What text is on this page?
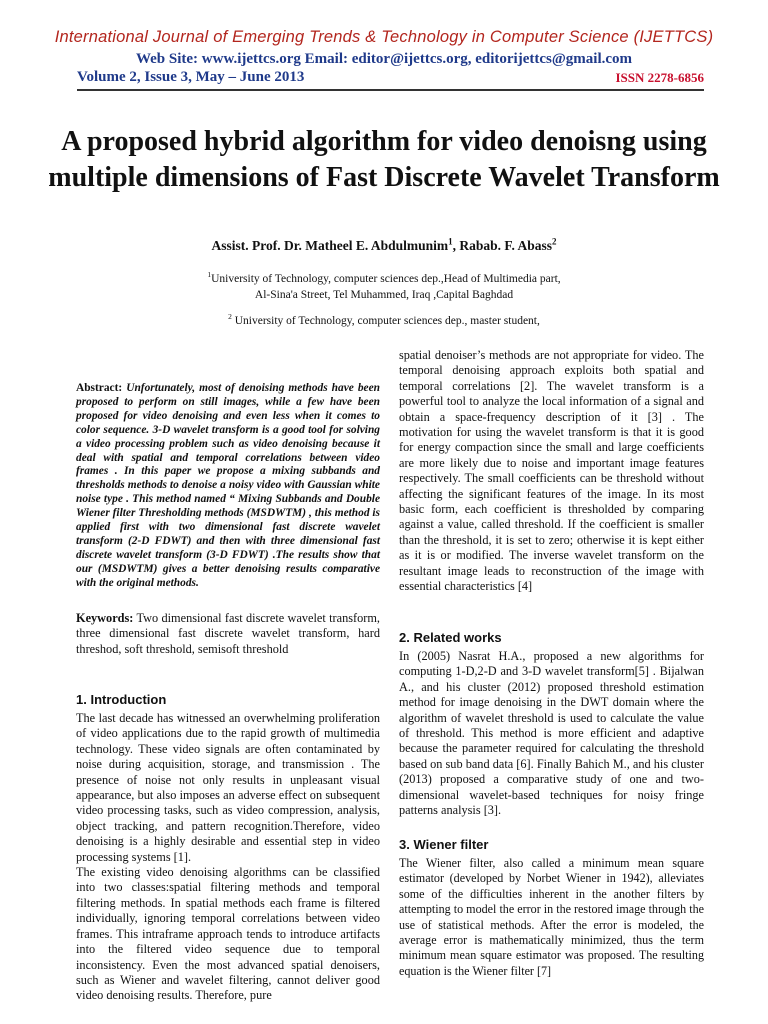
International Journal of Emerging Trends & Technology in Computer Science (IJETTCS)
Web Site: www.ijettcs.org Email: editor@ijettcs.org, editorijettcs@gmail.com
Volume 2, Issue 3, May – June 2013	ISSN 2278-6856
A proposed hybrid algorithm for video denoisng using multiple dimensions of Fast Discrete Wavelet Transform
Assist. Prof. Dr. Matheel E. Abdulmunim$^1$, Rabab. F. Abass$^2$
$^1$University of Technology, computer sciences dep.,Head of Multimedia part,
Al-Sina'a Street, Tel Muhammed, Iraq ,Capital Baghdad
$^2$ University of Technology, computer sciences dep., master student,

Abstract: Unfortunately, most of denoising methods have been proposed to perform on still images, while a few have been proposed for video denoising and even less when it comes to color sequence. 3-D wavelet transform is a good tool for solving a video processing problem such as video denoising because it deal with spatial and temporal correlations between video frames . In this paper we propose a mixing subbands and thresholds methods to denoise a noisy video with Gaussian white noise type . This method named “ Mixing Subbands and Double Wiener filter Thresholding methods (MSDWTM) , this method is applied first with two dimensional fast discrete wavelet transform (2-D FDWT) and then with three dimensional fast discrete wavelet transform (3-D FDWT) .The results show that our (MSDWTM) gives a better denoising results comparative with the original methods.

Keywords: Two dimensional fast discrete wavelet transform, three dimensional fast discrete wavelet transform, hard threshod, soft threshold, semisoft threshold

1. Introduction

The last decade has witnessed an overwhelming proliferation of video applications due to the rapid growth of multimedia technology. These video signals are often contaminated by noise during acquisition, storage, and transmission . The presence of noise not only results in unpleasant visual appearance, but also imposes an adverse effect on subsequent video processing tasks, such as video compression, analysis, object tracking, and pattern recognition.Therefore, video denoising is a highly desirable and essential step in video processing systems [1].

The existing video denoising algorithms can be classified into two classes:spatial filtering methods and temporal filtering methods. In spatial methods each frame is filtered individually, ignoring temporal correlations between video frames. This intraframe approach tends to introduce artifacts into the filtered video sequence due to temporal inconsistency. Even the most advanced spatial denoisers, such as Wiener and wavelet filtering, cannot deliver good video denoising results. Therefore, pure

spatial denoiser’s methods are not appropriate for video. The temporal denoising approach exploits both spatial and temporal correlations [2]. The wavelet transform is a powerful tool to analyze the local information of a signal and obtain a space-frequency description of it [3] . The motivation for using the wavelet transform is that it is good for energy compaction since the small and large coefficients are more likely due to noise and important image features respectively. The small coefficients can be threshold without affecting the significant features of the image. In its most basic form, each coefficient is thresholded by comparing against a value, called threshold. If the coefficient is smaller than the threshold, it is set to zero; otherwise it is kept either as it is or modified. The inverse wavelet transform on the resultant image leads to reconstruction of the image with essential characteristics [4]

2. Related works

In (2005) Nasrat H.A., proposed a new algorithms for computing 1-D,2-D and 3-D wavelet transform[5] . Bijalwan A., and his cluster (2012) proposed threshold estimation method for image denoising in the DWT domain where the algorithm of wavelet threshold is used to calculate the value of threshold. This method is more efficient and adaptive because the parameter required for calculating the threshold based on sub band data [6]. Finally Bahich M., and his cluster (2013) proposed a comparative study of one and two-dimensional wavelet-based techniques for noisy fringe patterns analysis [3].

3. Wiener filter

The Wiener filter, also called a minimum mean square estimator (developed by Norbet Wiener in 1942), alleviates some of the difficulties inherent in the another filters by attempting to model the error in the restored image through the use of statistical methods. After the error is modeled, the average error is mathematically minimized, thus the term minimum mean square estimator was proposed. The resulting equation is the Wiener filter [7]
